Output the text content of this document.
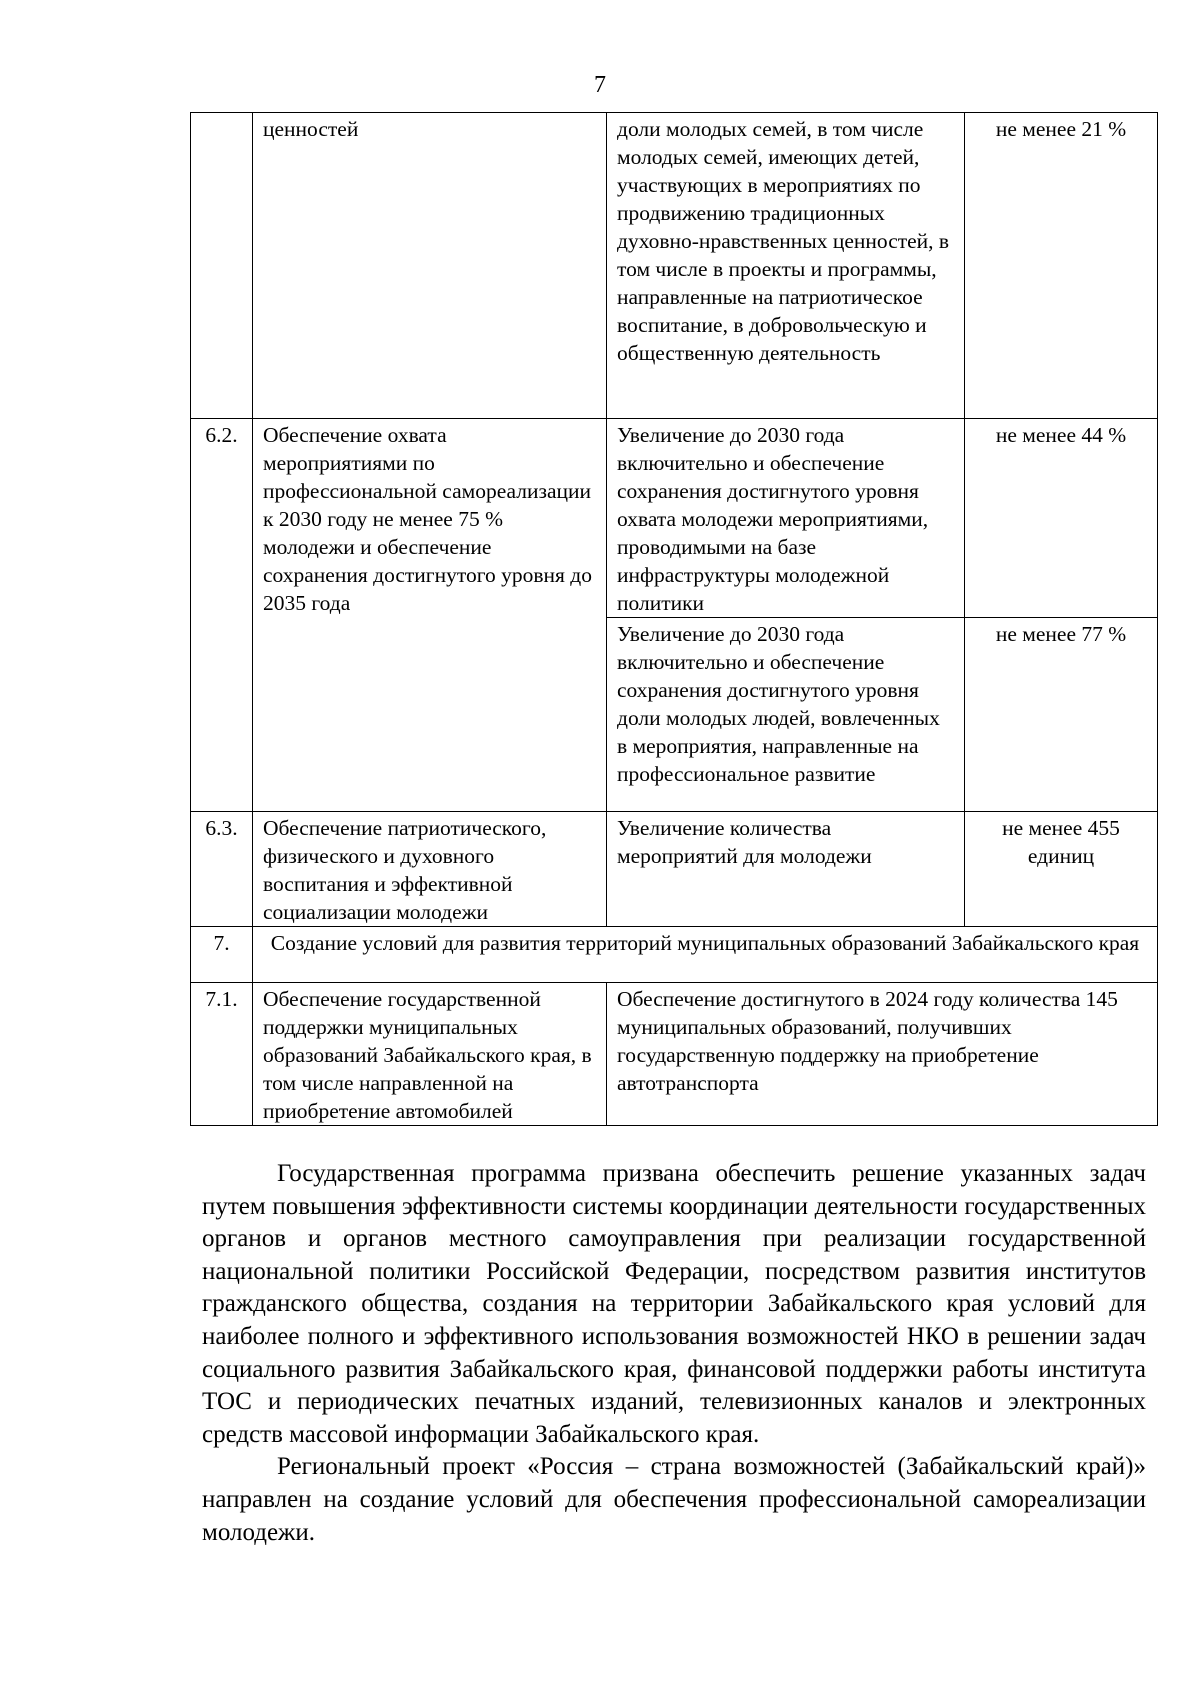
7
	ценностей	доли молодых семей, в том числе молодых семей, имеющих детей, участвующих в мероприятиях по продвижению традиционных духовно-нравственных ценностей, в том числе в проекты и программы, направленные на патриотическое воспитание, в добровольческую и общественную деятельность	не менее 21 %
6.2.	Обеспечение охвата мероприятиями по профессиональной самореализации к 2030 году не менее 75 % молодежи и обеспечение сохранения достигнутого уровня до 2035 года	Увеличение до 2030 года включительно и обеспечение сохранения достигнутого уровня охвата молодежи мероприятиями, проводимыми на базе инфраструктуры молодежной политики	не менее 44 %
		Увеличение до 2030 года включительно и обеспечение сохранения достигнутого уровня доли молодых людей, вовлеченных в мероприятия, направленные на профессиональное развитие	не менее 77 %
6.3.	Обеспечение патриотического, физического и духовного воспитания и эффективной социализации молодежи	Увеличение количества мероприятий для молодежи	не менее 455 единиц
7.	Создание условий для развития территорий муниципальных образований Забайкальского края		
7.1.	Обеспечение государственной поддержки муниципальных образований Забайкальского края, в том числе направленной на приобретение автомобилей	Обеспечение достигнутого в 2024 году количества 145 муниципальных образований, получивших государственную поддержку на приобретение автотранспорта	

Государственная программа призвана обеспечить решение указанных задач путем повышения эффективности системы координации деятельности государственных органов и органов местного самоуправления при реализации государственной национальной политики Российской Федерации, посредством развития институтов гражданского общества, создания на территории Забайкальского края условий для наиболее полного и эффективного использования возможностей НКО в решении задач социального развития Забайкальского края, финансовой поддержки работы института ТОС и периодических печатных изданий, телевизионных каналов и электронных средств массовой информации Забайкальского края.

Региональный проект «Россия – страна возможностей (Забайкальский край)» направлен на создание условий для обеспечения профессиональной самореализации молодежи.
